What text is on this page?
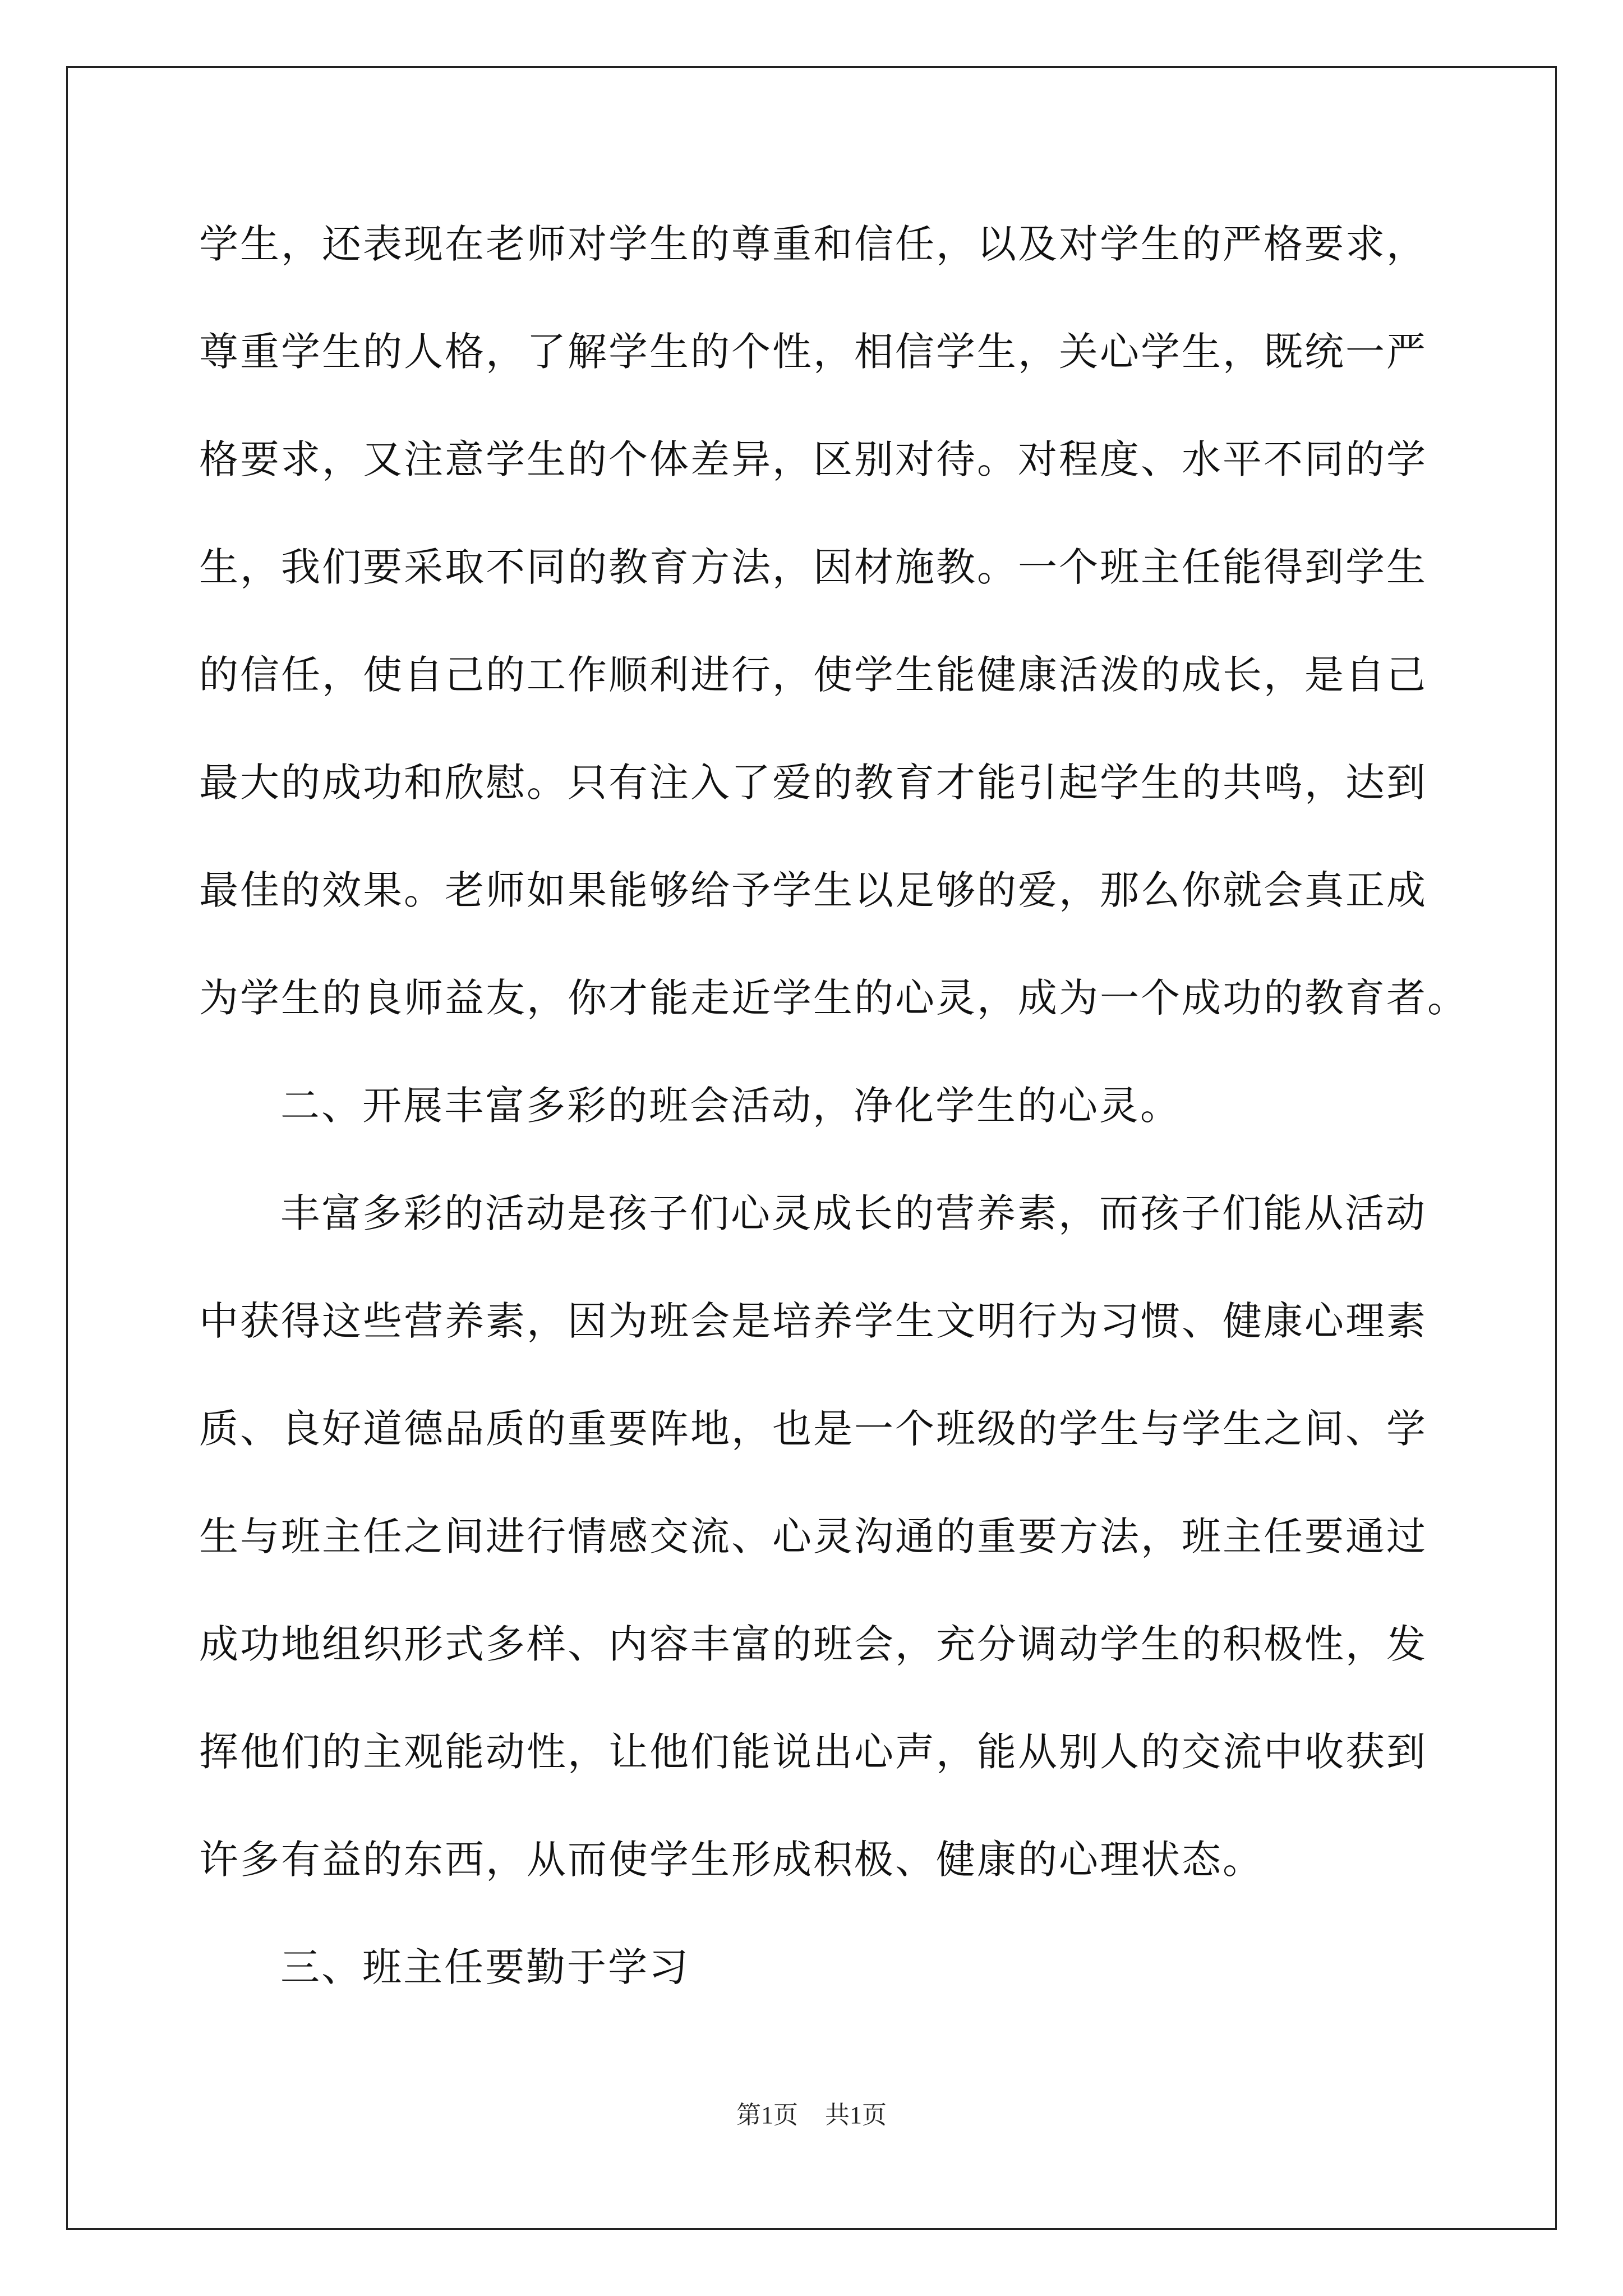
学生，还表现在老师对学生的尊重和信任，以及对学生的严格要求，
尊重学生的人格，了解学生的个性，相信学生，关心学生，既统一严
格要求，又注意学生的个体差异，区别对待。对程度、水平不同的学
生，我们要采取不同的教育方法，因材施教。一个班主任能得到学生
的信任，使自己的工作顺利进行，使学生能健康活泼的成长，是自己
最大的成功和欣慰。只有注入了爱的教育才能引起学生的共鸣，达到
最佳的效果。老师如果能够给予学生以足够的爱，那么你就会真正成
为学生的良师益友，你才能走近学生的心灵，成为一个成功的教育者。
二、开展丰富多彩的班会活动，净化学生的心灵。
丰富多彩的活动是孩子们心灵成长的营养素，而孩子们能从活动
中获得这些营养素，因为班会是培养学生文明行为习惯、健康心理素
质、良好道德品质的重要阵地，也是一个班级的学生与学生之间、学
生与班主任之间进行情感交流、心灵沟通的重要方法，班主任要通过
成功地组织形式多样、内容丰富的班会，充分调动学生的积极性，发
挥他们的主观能动性，让他们能说出心声，能从别人的交流中收获到
许多有益的东西，从而使学生形成积极、健康的心理状态。
三、班主任要勤于学习
第1页 共1页
